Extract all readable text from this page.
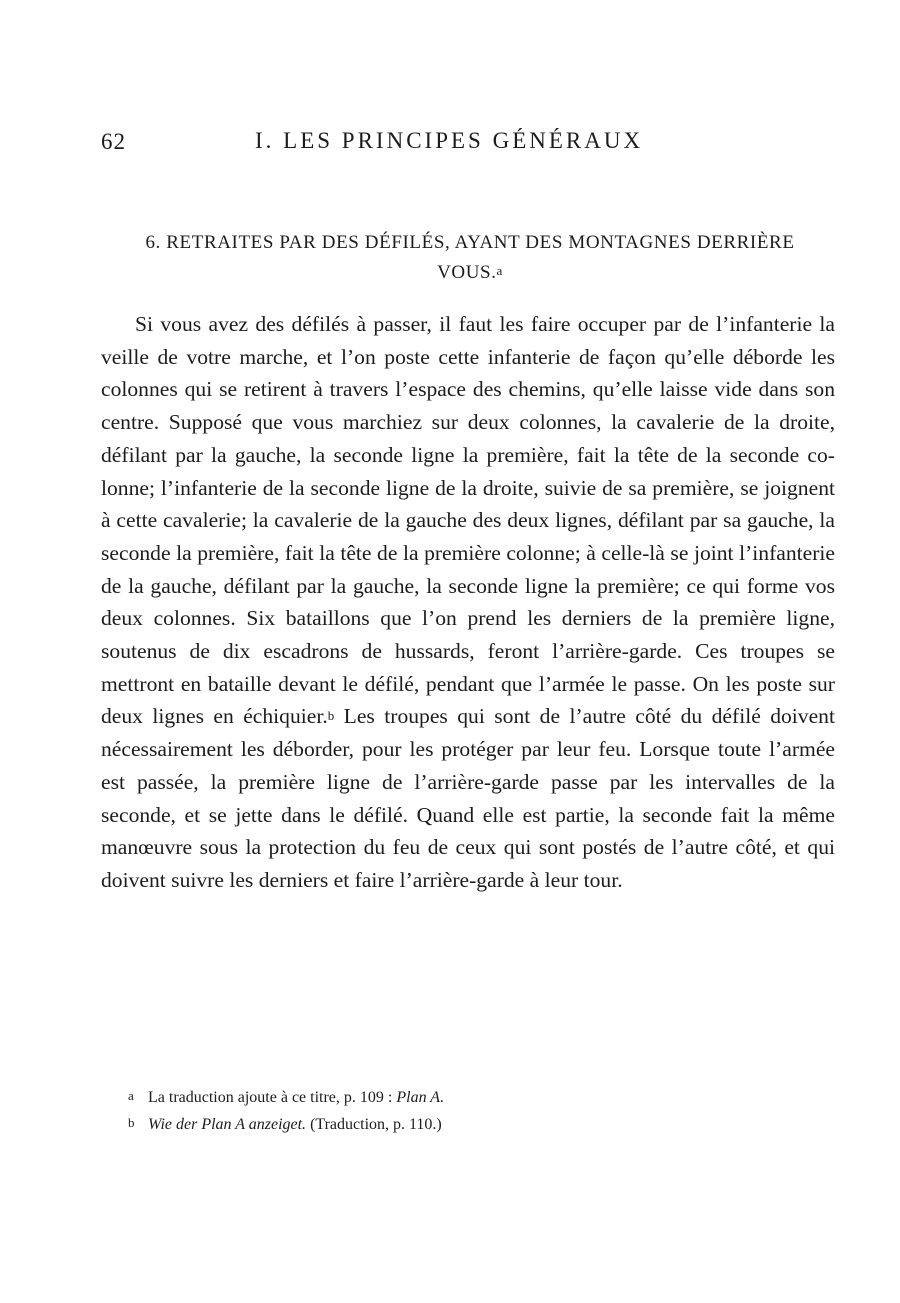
62	I. LES PRINCIPES GÉNÉRAUX
6. RETRAITES PAR DES DÉFILÉS, AYANT DES MONTAGNES DERRIÈRE VOUS.$^a$

Si vous avez des défilés à passer, il faut les faire occuper par de l’infanterie la veille de votre marche, et l’on poste cette infanterie de façon qu’elle déborde les colonnes qui se retirent à travers l’espace des chemins, qu’elle laisse vide dans son centre. Supposé que vous marchiez sur deux colonnes, la cavalerie de la droite, défilant par la gauche, la seconde ligne la première, fait la tête de la seconde colonne; l’infanterie de la seconde ligne de la droite, suivie de sa première, se joignent à cette cavalerie; la cavalerie de la gauche des deux lignes, défilant par sa gauche, la seconde la première, fait la tête de la première colonne; à celle-là se joint l’infanterie de la gauche, défilant par la gauche, la seconde ligne la première; ce qui forme vos deux colonnes. Six bataillons que l’on prend les derniers de la première ligne, soutenus de dix escadrons de hussards, feront l’arrière-garde. Ces troupes se mettront en bataille devant le défilé, pendant que l’armée le passe. On les poste sur deux lignes en échiquier.$^b$ Les troupes qui sont de l’autre côté du défilé doivent nécessairement les déborder, pour les protéger par leur feu. Lorsque toute l’armée est passée, la première ligne de l’arrière-garde passe par les intervalles de la seconde, et se jette dans le défilé. Quand elle est partie, la seconde fait la même manœuvre sous la protection du feu de ceux qui sont postés de l’autre côté, et qui doivent suivre les derniers et faire l’arrière-garde à leur tour.

a La traduction ajoute à ce titre, p. 109 : Plan A.
b Wie der Plan A anzeiget. (Traduction, p. 110.)
